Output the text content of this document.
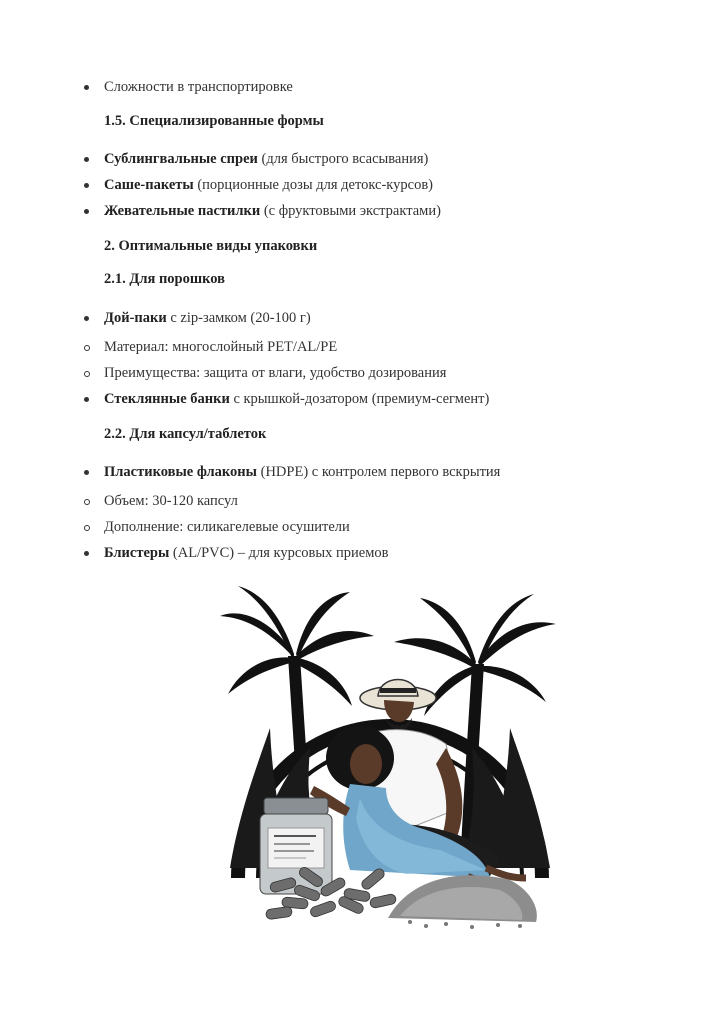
Сложности в транспортировке
1.5. Специализированные формы
Сублингвальные спреи (для быстрого всасывания)
Саше-пакеты (порционные дозы для детокс-курсов)
Жевательные пастилки (с фруктовыми экстрактами)
2. Оптимальные виды упаковки
2.1. Для порошков
Дой-паки с zip-замком (20-100 г)
Материал: многослойный PET/AL/PE
Преимущества: защита от влаги, удобство дозирования
Стеклянные банки с крышкой-дозатором (премиум-сегмент)
2.2. Для капсул/таблеток
Пластиковые флаконы (HDPE) с контролем первого вскрытия
Объем: 30-120 капсул
Дополнение: силикагелевые осушители
Блистеры (AL/PVC) – для курсовых приемов
